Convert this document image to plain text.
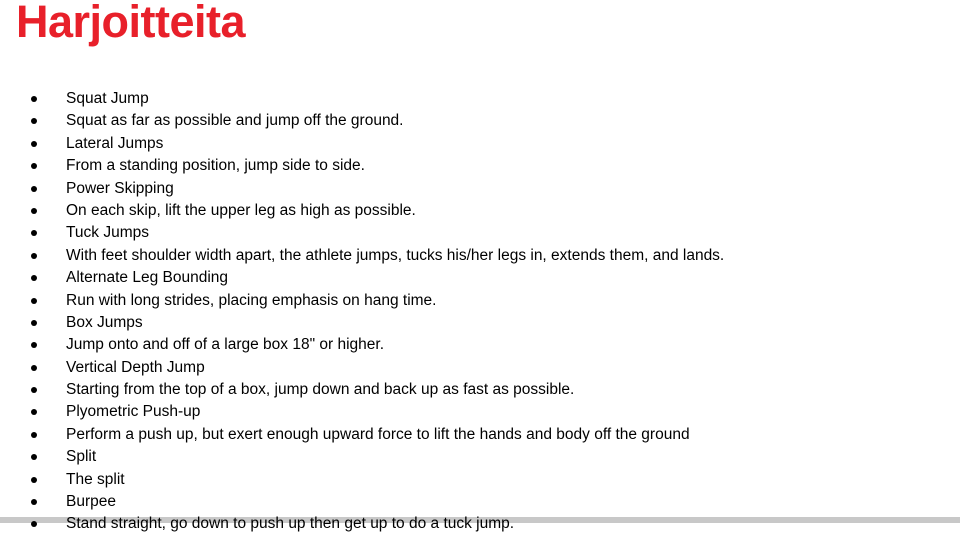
Harjoitteita
Squat Jump
Squat as far as possible and jump off the ground.
Lateral Jumps
From a standing position, jump side to side.
Power Skipping
On each skip, lift the upper leg as high as possible.
Tuck Jumps
With feet shoulder width apart, the athlete jumps, tucks his/her legs in, extends them, and lands.
Alternate Leg Bounding
Run with long strides, placing emphasis on hang time.
Box Jumps
Jump onto and off of a large box 18" or higher.
Vertical Depth Jump
Starting from the top of a box, jump down and back up as fast as possible.
Plyometric Push-up
Perform a push up, but exert enough upward force to lift the hands and body off the ground
Split
The split
Burpee
Stand straight, go down to push up then get up to do a tuck jump.
